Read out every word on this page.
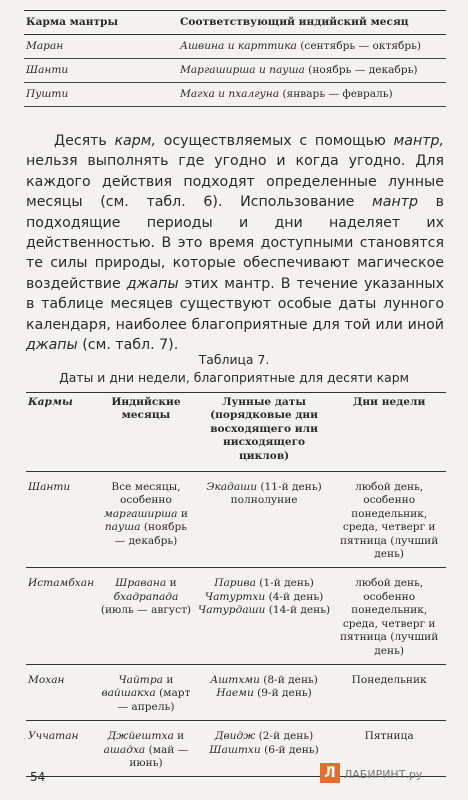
Карма мантры	Соответствующий индийский месяц
Маран	Ашвина и карттика (сентябрь — октябрь)
Шанти	Маргаширша и пауша (ноябрь — декабрь)
Пушти	Магха и пхалгуна (январь — февраль)

Десять карм, осуществляемых с помощью мантр, нельзя выполнять где угодно и когда угодно. Для каждого действия подходят определенные лунные месяцы (см. табл. 6). Использование мантр в подходящие периоды и дни наделяет их действенностью. В это время доступными становятся те силы природы, которые обеспечивают магическое воздействие джапы этих мантр. В течение указанных в таблице месяцев существуют особые даты лунного календаря, наиболее благоприятные для той или иной джапы (см. табл. 7).

Таблица 7.
Даты и дни недели, благоприятные для десяти карм
Кармы	Индийские месяцы	Лунные даты (порядковые дни восходящего или нисходящего циклов)	Дни недели
Шанти	Все месяцы, особенно маргаширша и пауша (ноябрь — декабрь)	Экадаши (11-й день) полнолуние	любой день, особенно понедельник, среда, четверг и пятница (лучший день)
Истамбхан	Шравана и бхадрапада (июль — август)	Парива (1-й день) Чатуртхи (4-й день) Чатурдаши (14-й день)	любой день, особенно понедельник, среда, четверг и пятница (лучший день)
Мохан	Чайтра и вайшакха (март — апрель)	Аштхми (8-й день) Наеми (9-й день)	Понедельник
Уччатан	Джйештха и ашадха (май — июнь)	Двидж (2-й день) Шаштхи (6-й день)	Пятница
54	Л ЛАБИРИНТ.ру
